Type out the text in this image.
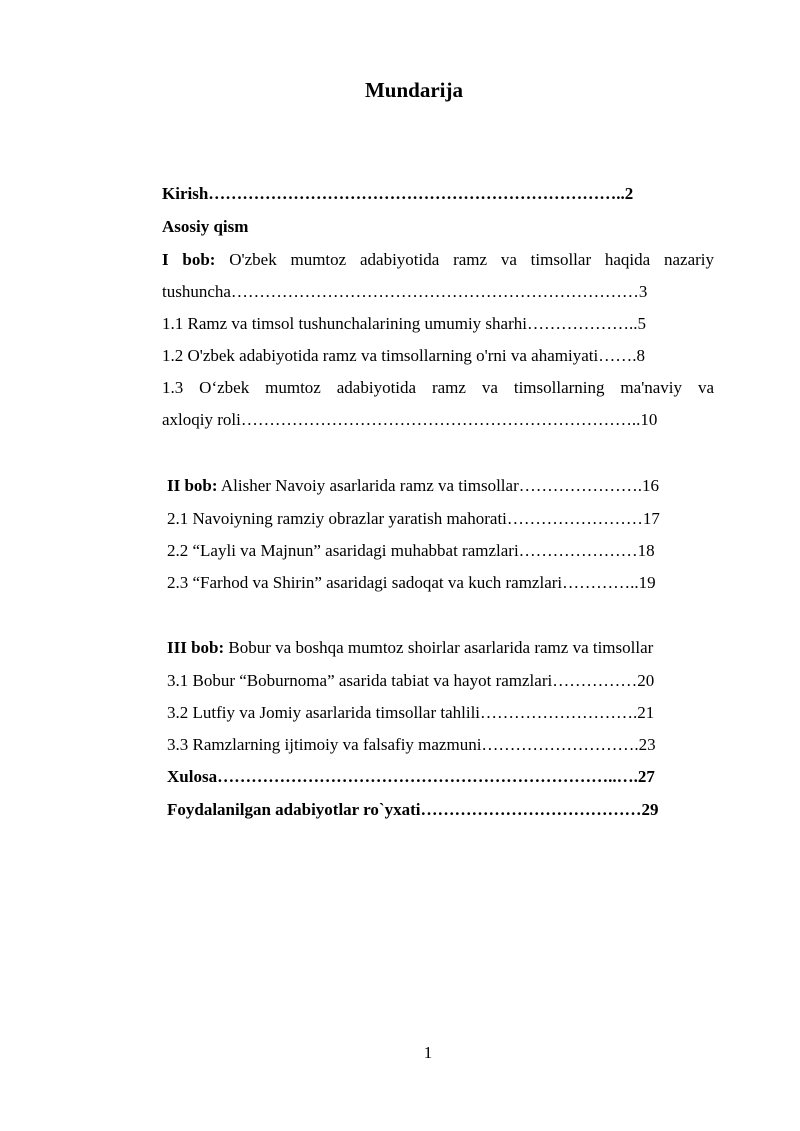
Mundarija
Kirish………………………………………………………………..2
Asosiy qism
I bob: O'zbek mumtoz adabiyotida ramz va timsollar haqida nazariy
tushuncha………………………………………………………………3
1.1 Ramz va timsol tushunchalarining umumiy sharhi………………..5
1.2 O'zbek adabiyotida ramz va timsollarning o'rni va ahamiyati…….8
1.3 O‘zbek mumtoz adabiyotida ramz va timsollarning ma'naviy va
axloqiy roli……………………………………………………………..10
II bob: Alisher Navoiy asarlarida ramz va timsollar………………….16
2.1 Navoiyning ramziy obrazlar yaratish mahorati……………………17
2.2 “Layli va Majnun” asaridagi muhabbat ramzlari…………………18
2.3 “Farhod va Shirin” asaridagi sadoqat va kuch ramzlari…………..19
III bob: Bobur va boshqa mumtoz shoirlar asarlarida ramz va timsollar
3.1 Bobur “Boburnoma” asarida tabiat va hayot ramzlari……………20
3.2 Lutfiy va Jomiy asarlarida timsollar tahlili……………………….21
3.3 Ramzlarning ijtimoiy va falsafiy mazmuni……………………….23
Xulosa……………………………………………………………..….27
Foydalanilgan adabiyotlar ro`yxati…………………………………29
1
